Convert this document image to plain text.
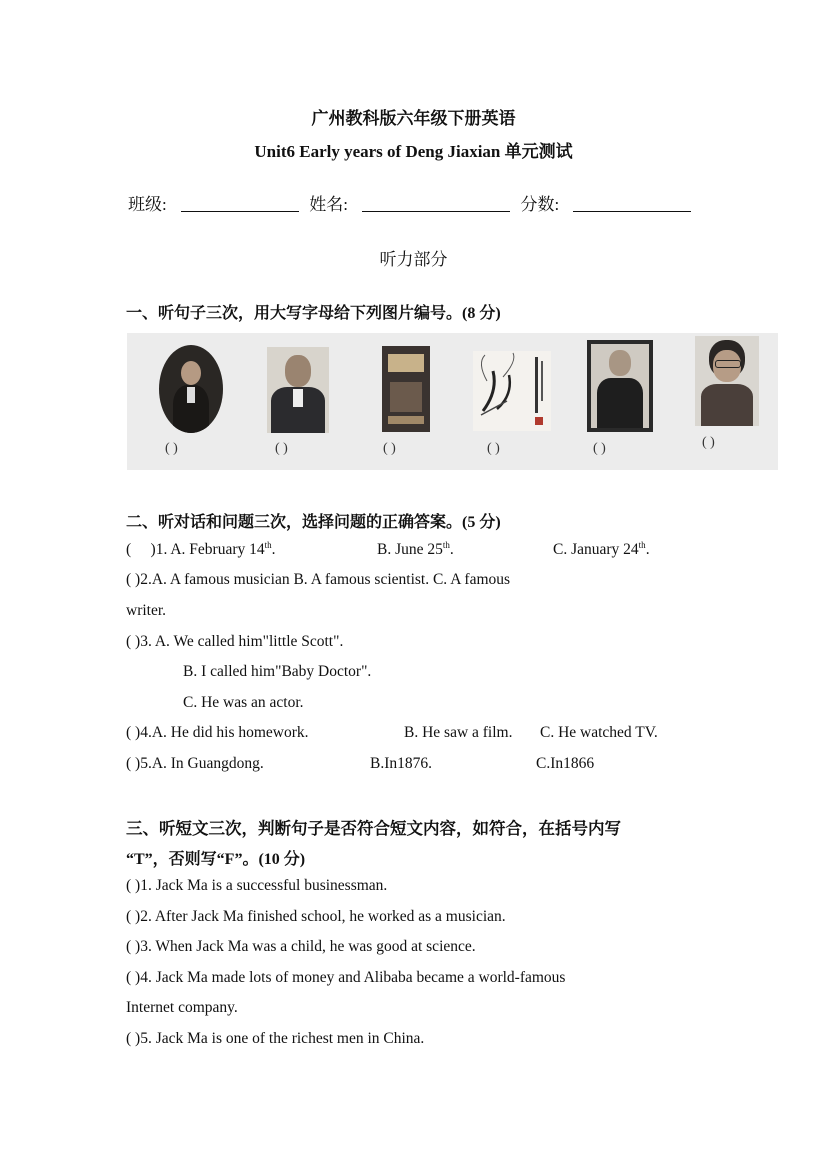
广州教科版六年级下册英语
Unit6 Early years of Deng Jiaxian 单元测试
班级:	姓名:	分数:
听力部分
一、听句子三次，用大写字母给下列图片编号。(8 分)
( )	( )	( )	( )	( )	( )
二、听对话和问题三次，选择问题的正确答案。(5 分)
(     )1. A. February 14th.	B. June 25th.	C. January 24th.
( )2.A. A famous musician B. A famous scientist. C. A famous
writer.
( )3. A. We called him"little Scott".
B. I called him"Baby Doctor".
C. He was an actor.
( )4.A. He did his homework.	B. He saw a film. C. He watched TV.
( )5.A. In Guangdong.	B.In1876.	C.In1866
三、听短文三次，判断句子是否符合短文内容，如符合，在括号内写
“T”，否则写“F”。(10 分)
( )1. Jack Ma is a successful businessman.
( )2. After Jack Ma finished school, he worked as a musician.
( )3. When Jack Ma was a child, he was good at science.
( )4. Jack Ma made lots of money and Alibaba became a world-famous
Internet company.
( )5. Jack Ma is one of the richest men in China.
